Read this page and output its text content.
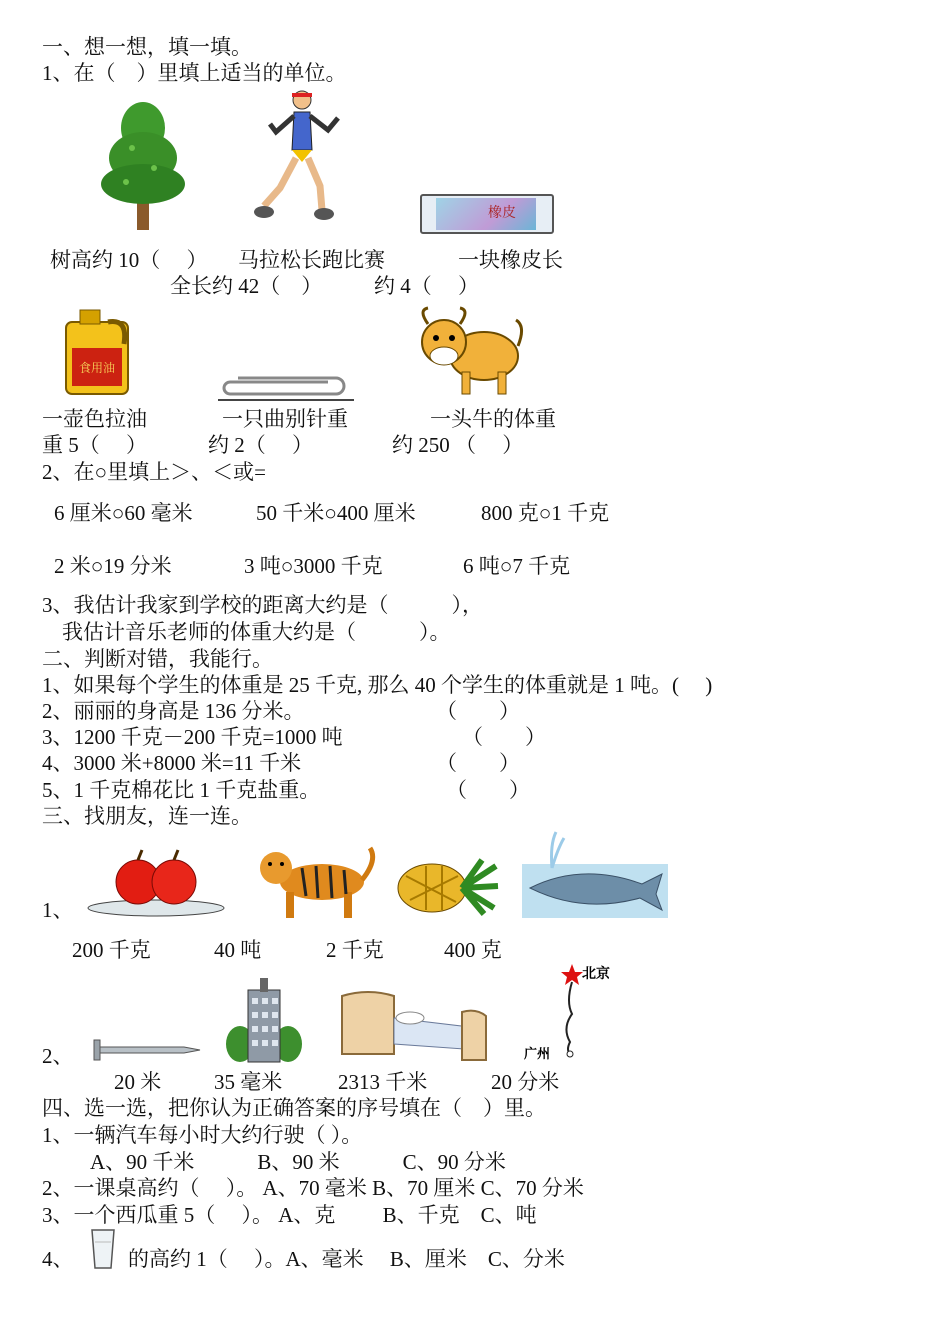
一、想一想，填一填。
1、在（　）里填上适当的单位。
橡皮
树高约 10（　 ） 马拉松长跑比赛
全长约 42（　）
一块橡皮长
约 4（　 ）
食用油
一壶色拉油
重 5（　 ）
一只曲别针重
约 2（　 ）
一头牛的体重
约 250 （　 ）
2、在○里填上＞、＜或=
6 厘米○60 毫米	50 千米○400 厘米	800 克○1 千克
2 米○19 分米	3 吨○3000 千克	6 吨○7 千克
3、我估计我家到学校的距离大约是（　　　），
我估计音乐老师的体重大约是（　　　）。
二、判断对错，我能行。
1、如果每个学生的体重是 25 千克, 那么 40 个学生的体重就是 1 吨。(　 )
2、丽丽的身高是 136 分米。	（　　）
3、1200 千克－200 千克=1000 吨	（　　）
4、3000 米+8000 米=11 千米	（　　）
5、1 千克棉花比 1 千克盐重。	（　　）
三、找朋友，连一连。
1、
200 千克	40 吨	2 千克	400 克
2、
北京
广州
20 米	35 毫米	2313 千米	20 分米
四、选一选，把你认为正确答案的序号填在（　）里。
1、一辆汽车每小时大约行驶（ ）。
A、90 千米　　　B、90 米　　　C、90 分米
2、一课桌高约（　 ）。 A、70 毫米 B、70 厘米 C、70 分米
3、一个西瓜重 5（　 ）。 A、克　　 B、千克　C、吨
4、	的高约 1（　 ）。A、毫米　 B、厘米　C、分米
